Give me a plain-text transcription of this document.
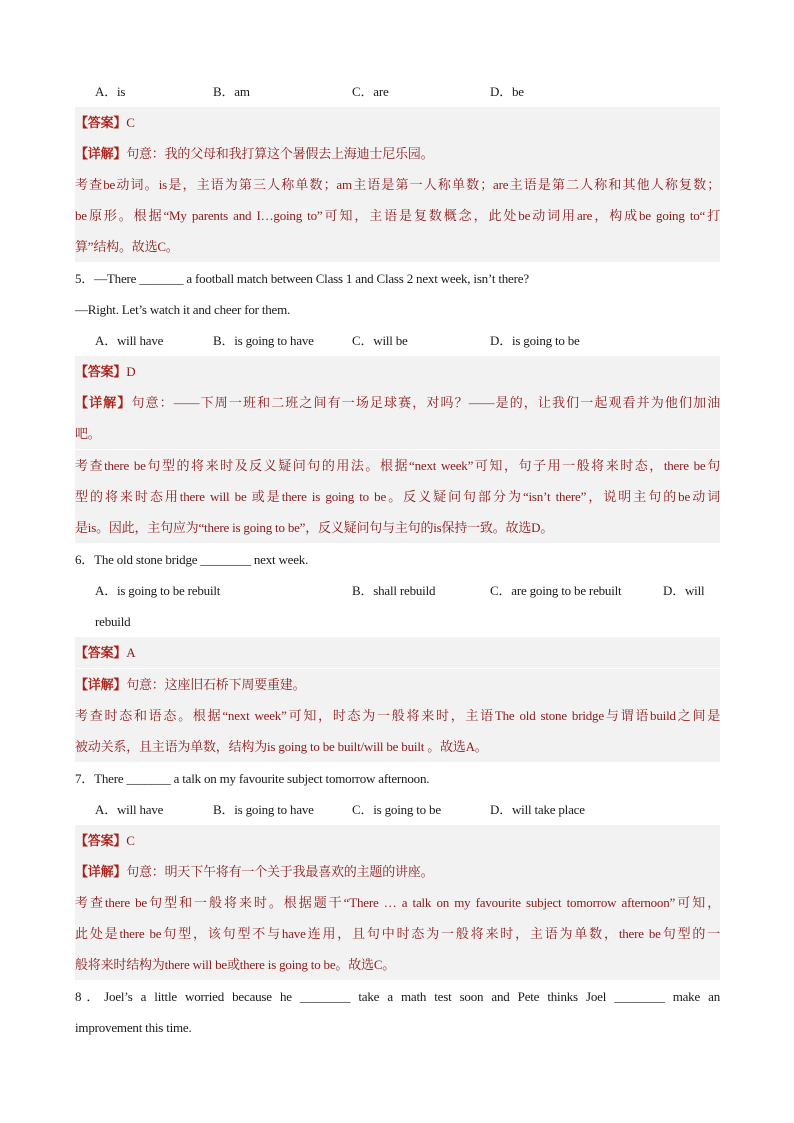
A．is	B．am	C．are	D．be
【答案】C
【详解】句意：我的父母和我打算这个暑假去上海迪士尼乐园。
考查be动词。is是，主语为第三人称单数；am主语是第一人称单数；are主语是第二人称和其他人称复数；
be原形。根据“My parents and I…going to”可知，主语是复数概念，此处be动词用are，构成be going to“打
算”结构。故选C。
5．—There _______ a football match between Class 1 and Class 2 next week, isn’t there?
—Right. Let’s watch it and cheer for them.
A．will have	B．is going to have	C．will be	D．is going to be
【答案】D
【详解】句意：——下周一班和二班之间有一场足球赛，对吗？——是的，让我们一起观看并为他们加油
吧。
考查there be句型的将来时及反义疑问句的用法。根据“next week”可知，句子用一般将来时态，there be句
型的将来时态用there will be 或是there is going to be。反义疑问句部分为“isn’t there”，说明主句的be动词
是is。因此，主句应为“there is going to be”，反义疑问句与主句的is保持一致。故选D。
6．The old stone bridge ________ next week.
A．is going to be rebuilt	B．shall rebuild	C．are going to be rebuilt	D．will
rebuild
【答案】A
【详解】句意：这座旧石桥下周要重建。
考查时态和语态。根据“next week”可知，时态为一般将来时，主语The old stone bridge与谓语build之间是
被动关系，且主语为单数，结构为is going to be built/will be built 。故选A。
7．There _______ a talk on my favourite subject tomorrow afternoon.
A．will have	B．is going to have	C．is going to be	D．will take place
【答案】C
【详解】句意：明天下午将有一个关于我最喜欢的主题的讲座。
考查there be句型和一般将来时。根据题干“There … a talk on my favourite subject tomorrow afternoon”可知，
此处是there be句型，该句型不与have连用，且句中时态为一般将来时，主语为单数，there be句型的一
般将来时结构为there will be或there is going to be。故选C。
8．Joel’s a little worried because he ________ take a math test soon and Pete thinks Joel ________ make an
improvement this time.
